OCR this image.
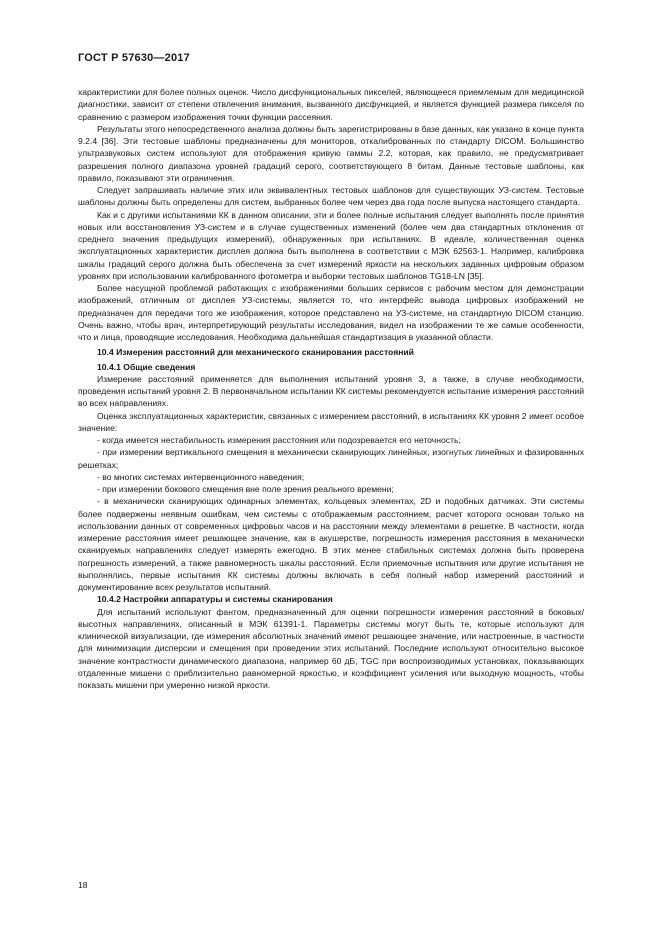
ГОСТ Р 57630—2017

характеристики для более полных оценок. Число дисфункциональных пикселей, являющееся приемлемым для медицинской диагностики, зависит от степени отвлечения внимания, вызванного дисфункцией, и является функцией размера пикселя по сравнению с размером изображения точки функции рассеяния.

Результаты этого непосредственного анализа должны быть зарегистрированы в базе данных, как указано в конце пункта 9.2.4 [36]. Эти тестовые шаблоны предназначены для мониторов, откалиброванных по стандарту DICOM. Большинство ультразвуковых систем используют для отображения кривую гаммы 2.2, которая, как правило, не предусматривает разрешения полного диапазона уровней градаций серого, соответствующего 8 битам. Данные тестовые шаблоны, как правило, показывают эти ограничения.

Следует запрашивать наличие этих или эквивалентных тестовых шаблонов для существующих УЗ-систем. Тестовые шаблоны должны быть определены для систем, выбранных более чем через два года после выпуска настоящего стандарта.

Как и с другими испытаниями КК в данном описании, эти и более полные испытания следует выполнять после принятия новых или восстановления УЗ-систем и в случае существенных изменений (более чем два стандартных отклонения от среднего значения предыдущих измерений), обнаруженных при испытаниях. В идеале, количественная оценка эксплуатационных характеристик дисплея должна быть выполнена в соответствии с МЭК 62563-1. Например, калибровка шкалы градаций серого должна быть обеспечена за счет измерений яркости на нескольких заданных цифровым образом уровнях при использовании калиброванного фотометра и выборки тестовых шаблонов TG18-LN [35].

Более насущной проблемой работающих с изображениями больших сервисов с рабочим местом для демонстрации изображений, отличным от дисплея УЗ-системы, является то, что интерфейс вывода цифровых изображений не предназначен для передачи того же изображения, которое представлено на УЗ-системе, на стандартную DICOM станцию. Очень важно, чтобы врач, интерпретирующий результаты исследования, видел на изображении те же самые особенности, что и лица, проводящие исследования. Необходима дальнейшая стандартизация в указанной области.

10.4 Измерения расстояний для механического сканирования расстояний
10.4.1 Общие сведения

Измерение расстояний применяется для выполнения испытаний уровня 3, а также, в случае необходимости, проведения испытаний уровня 2. В первоначальном испытании КК системы рекомендуется испытание измерения расстояний во всех направлениях.

Оценка эксплуатационных характеристик, связанных с измерением расстояний, в испытаниях КК уровня 2 имеет особое значение:

- когда имеется нестабильность измерения расстояния или подозревается его неточность;

- при измерении вертикального смещения в механически сканирующих линейных, изогнутых линейных и фазированных решетках;

- во многих системах интервенционного наведения;

- при измерении бокового смещения вне поле зрения реального времени;

- в механически сканирующих одинарных элементах, кольцевых элементах, 2D и подобных датчиках. Эти системы более подвержены неявным ошибкам, чем системы с отображаемым расстоянием, расчет которого основан только на использовании данных от современных цифровых часов и на расстоянии между элементами в решетке. В частности, когда измерение расстояния имеет решающее значение, как в акушерстве, погрешность измерения расстояния в механически сканируемых направлениях следует измерять ежегодно. В этих менее стабильных системах должна быть проверена погрешность измерений, а также равномерность шкалы расстояний. Если приемочные испытания или другие испытания не выполнялись, первые испытания КК системы должны включать в себя полный набор измерений расстояний и документирование всех результатов испытаний.

10.4.2 Настройки аппаратуры и системы сканирования

Для испытаний используют фантом, предназначенный для оценки погрешности измерения расстояний в боковых/высотных направлениях, описанный в МЭК 61391-1. Параметры системы могут быть те, которые используют для клинической визуализации, где измерения абсолютных значений имеют решающее значение, или настроенные, в частности для минимизации дисперсии и смещения при проведении этих испытаний. Последние используют относительно высокое значение контрастности динамического диапазона, например 60 дБ, TGC при воспроизводимых установках, показывающих отдаленные мишени с приблизительно равномерной яркостью, и коэффициент усиления или выходную мощность, чтобы показать мишени при умеренно низкой яркости.

18
